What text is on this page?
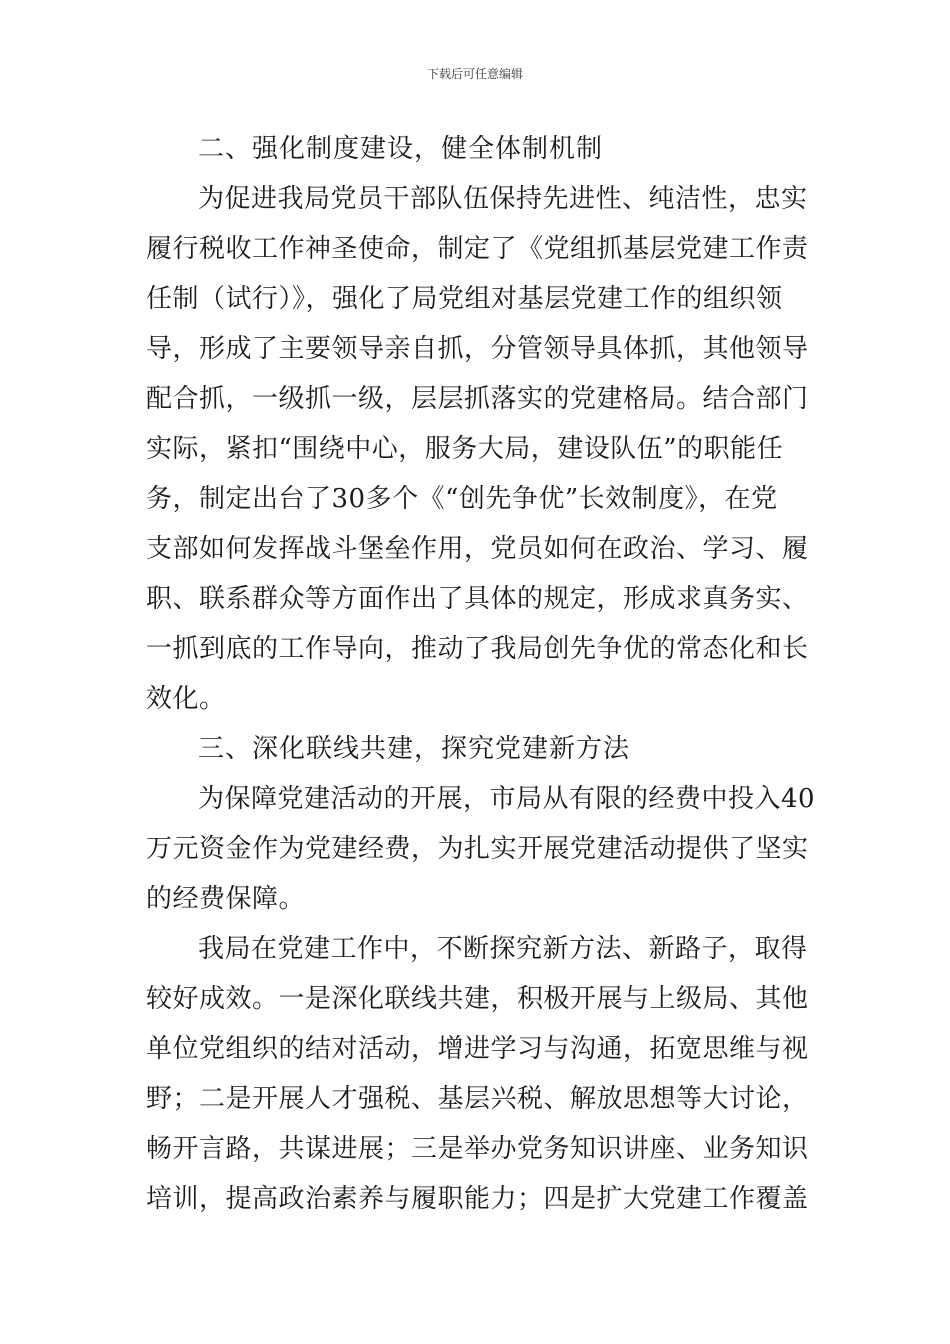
下载后可任意编辑
二、强化制度建设，健全体制机制
为促进我局党员干部队伍保持先进性、纯洁性，忠实
履行税收工作神圣使命，制定了《党组抓基层党建工作责
任制（试行）》，强化了局党组对基层党建工作的组织领
导，形成了主要领导亲自抓，分管领导具体抓，其他领导
配合抓，一级抓一级，层层抓落实的党建格局。结合部门
实际，紧扣“围绕中心，服务大局，建设队伍”的职能任
务，制定出台了30多个《“创先争优”长效制度》，在党
支部如何发挥战斗堡垒作用，党员如何在政治、学习、履
职、联系群众等方面作出了具体的规定，形成求真务实、
一抓到底的工作导向，推动了我局创先争优的常态化和长
效化。
三、深化联线共建，探究党建新方法
为保障党建活动的开展，市局从有限的经费中投入40
万元资金作为党建经费，为扎实开展党建活动提供了坚实
的经费保障。
我局在党建工作中，不断探究新方法、新路子，取得
较好成效。一是深化联线共建，积极开展与上级局、其他
单位党组织的结对活动，增进学习与沟通，拓宽思维与视
野；二是开展人才强税、基层兴税、解放思想等大讨论，
畅开言路，共谋进展；三是举办党务知识讲座、业务知识
培训，提高政治素养与履职能力；四是扩大党建工作覆盖
